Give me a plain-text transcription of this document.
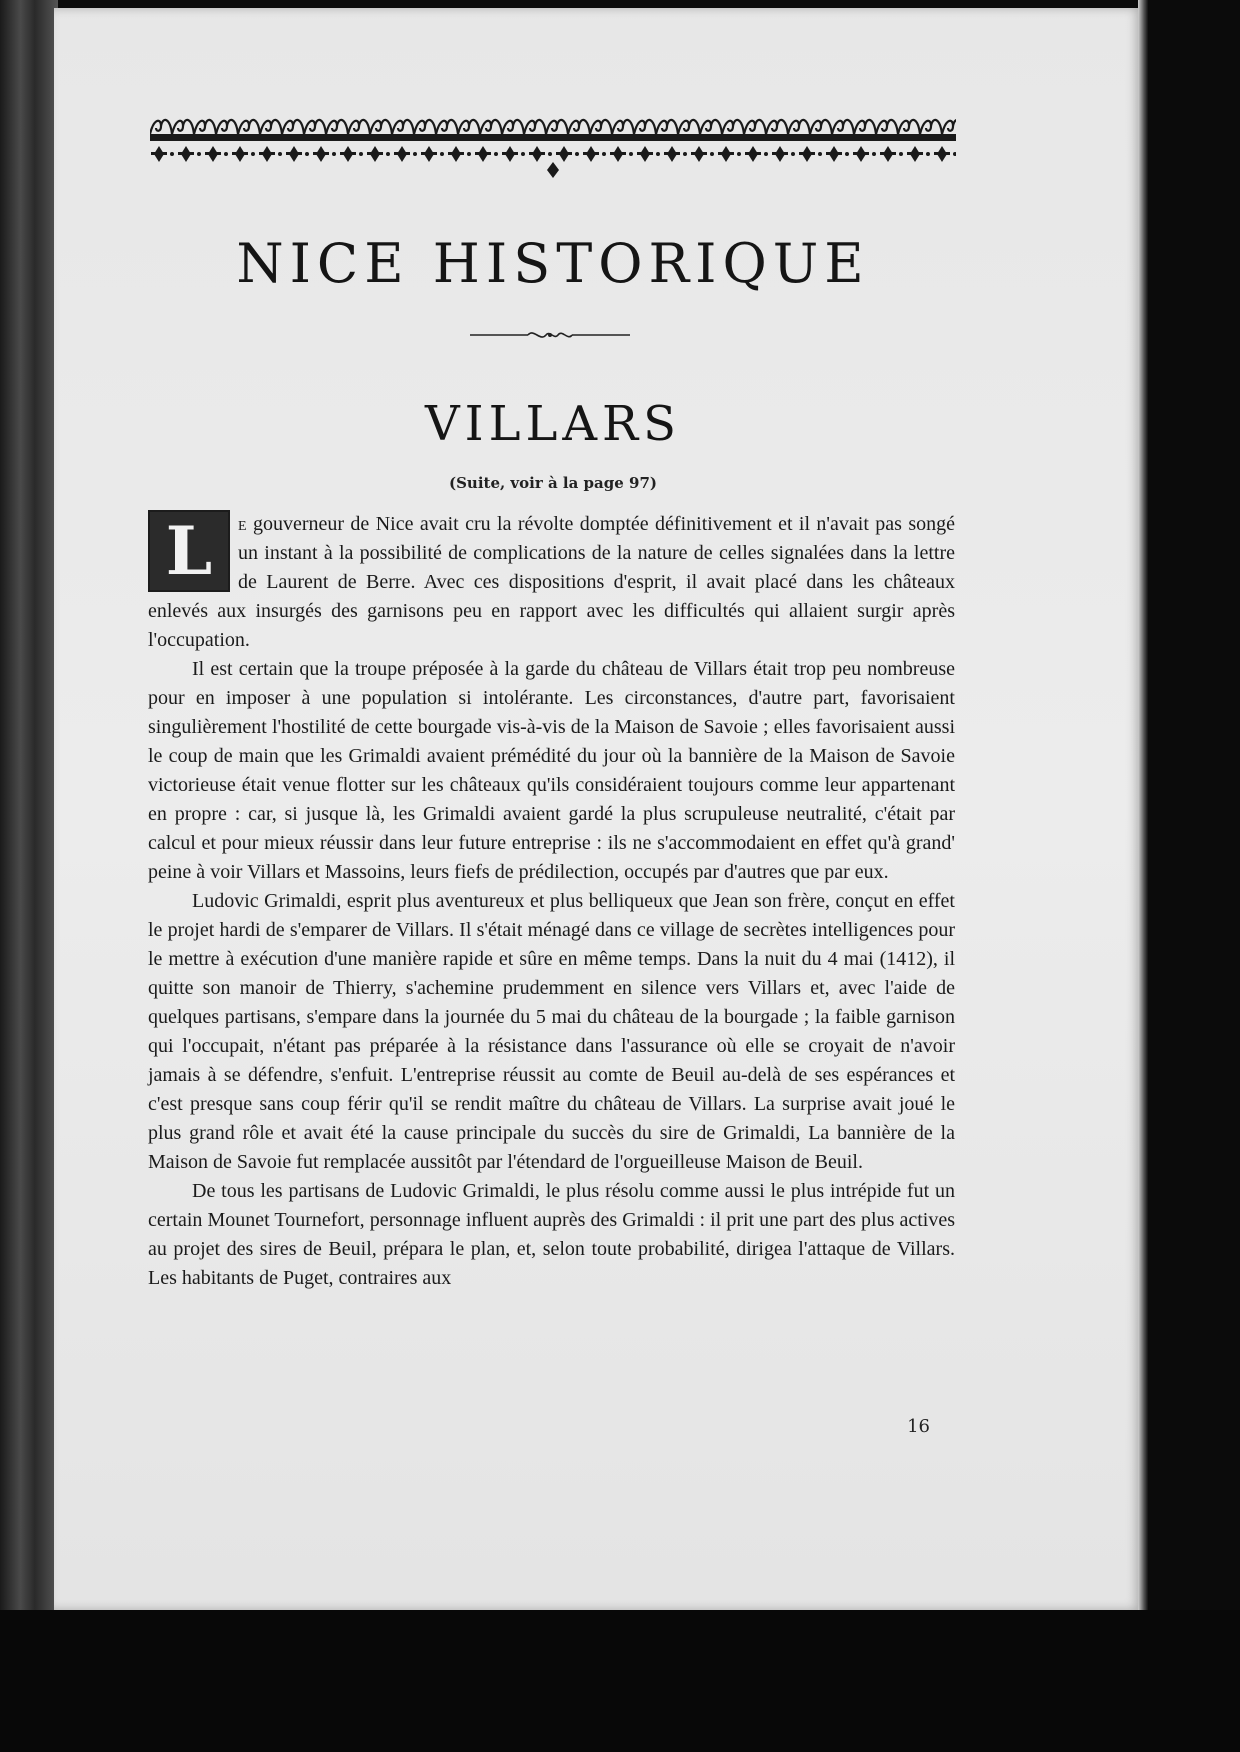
NICE HISTORIQUE
VILLARS
(Suite, voir à la page 97)

L	e gouverneur de Nice avait cru la révolte domptée définitivement et il n'avait pas songé un instant à la possibilité de complications de la nature de celles signalées dans la lettre de Laurent de Berre. Avec ces dispositions d'esprit, il avait placé dans les châteaux enlevés aux insurgés des garnisons peu en rapport avec les difficultés qui allaient surgir après l'occupation.

Il est certain que la troupe préposée à la garde du château de Villars était trop peu nombreuse pour en imposer à une population si intolérante. Les circonstances, d'autre part, favorisaient singulièrement l'hostilité de cette bourgade vis-à-vis de la Maison de Savoie ; elles favorisaient aussi le coup de main que les Grimaldi avaient prémédité du jour où la bannière de la Maison de Savoie victorieuse était venue flotter sur les châteaux qu'ils considéraient toujours comme leur appartenant en propre : car, si jusque là, les Grimaldi avaient gardé la plus scrupuleuse neutralité, c'était par calcul et pour mieux réussir dans leur future entreprise : ils ne s'accommodaient en effet qu'à grand' peine à voir Villars et Massoins, leurs fiefs de prédilection, occupés par d'autres que par eux.

Ludovic Grimaldi, esprit plus aventureux et plus belliqueux que Jean son frère, conçut en effet le projet hardi de s'emparer de Villars. Il s'était ménagé dans ce village de secrètes intelligences pour le mettre à exécution d'une manière rapide et sûre en même temps. Dans la nuit du 4 mai (1412), il quitte son manoir de Thierry, s'achemine prudemment en silence vers Villars et, avec l'aide de quelques partisans, s'empare dans la journée du 5 mai du château de la bourgade ; la faible garnison qui l'occupait, n'étant pas préparée à la résistance dans l'assurance où elle se croyait de n'avoir jamais à se défendre, s'enfuit. L'entreprise réussit au comte de Beuil au-delà de ses espérances et c'est presque sans coup férir qu'il se rendit maître du château de Villars. La surprise avait joué le plus grand rôle et avait été la cause principale du succès du sire de Grimaldi, La bannière de la Maison de Savoie fut remplacée aussitôt par l'étendard de l'orgueilleuse Maison de Beuil.

De tous les partisans de Ludovic Grimaldi, le plus résolu comme aussi le plus intrépide fut un certain Mounet Tournefort, personnage influent auprès des Grimaldi : il prit une part des plus actives au projet des sires de Beuil, prépara le plan, et, selon toute probabilité, dirigea l'attaque de Villars. Les habitants de Puget, contraires aux

16
